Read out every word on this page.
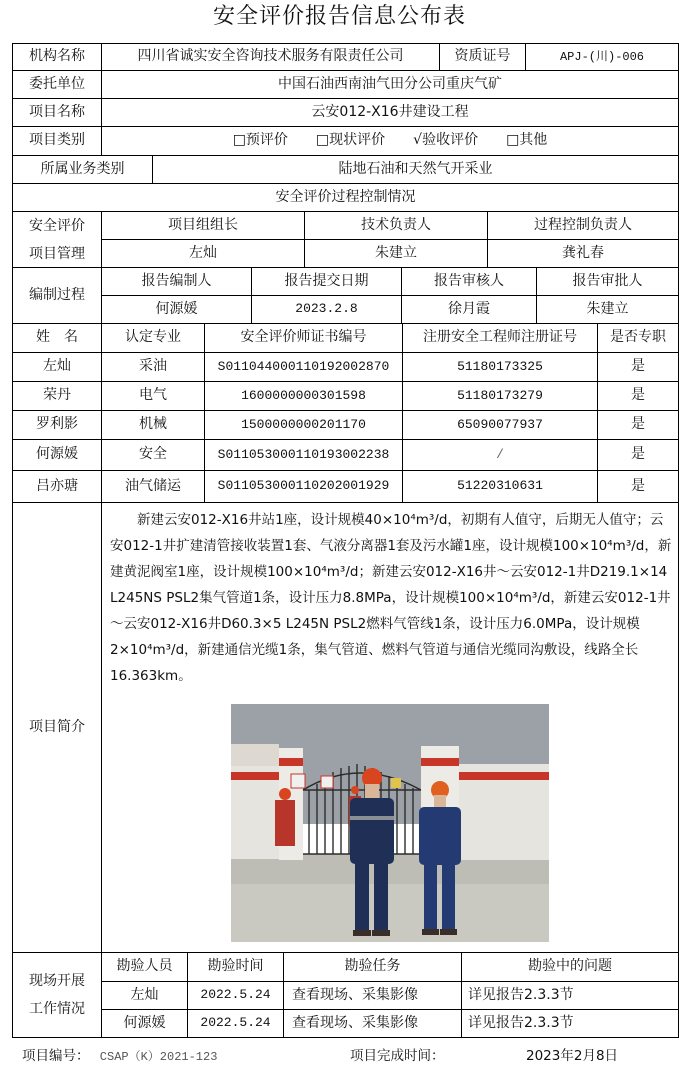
安全评价报告信息公布表
机构名称	四川省诚实安全咨询技术服务有限责任公司	资质证号	APJ-(川)-006
委托单位	中国石油西南油气田分公司重庆气矿
项目名称	云安012-X16井建设工程
项目类别	□预评价 □现状评价 √验收评价 □其他
所属业务类别	陆地石油和天然气开采业
安全评价过程控制情况
安全评价
项目管理
项目组组长	技术负责人	过程控制负责人
左灿	朱建立	龚礼春
编制过程
报告编制人	报告提交日期	报告审核人	报告审批人
何源媛	2023.2.8	徐月霞	朱建立
姓　名	认定专业	安全评价师证书编号	注册安全工程师注册证号	是否专职
左灿	采油	S011044000110192002870	51180173325	是
荣丹	电气	1600000000301598	51180173279	是
罗利影	机械	1500000000201170	65090077937	是
何源媛	安全	S011053000110193002238	/	是
吕亦瑭	油气储运	S011053000110202001929	51220310631	是
项目简介

新建云安012-X16井站1座，设计规模40×10⁴m³/d，初期有人值守，后期无人值守；云安012-1井扩建清管接收装置1套、气液分离器1套及污水罐1座，设计规模100×10⁴m³/d，新建黄泥阀室1座，设计规模100×10⁴m³/d；新建云安012-X16井～云安012-1井D219.1×14 L245NS PSL2集气管道1条，设计压力8.8MPa，设计规模100×10⁴m³/d，新建云安012-1井～云安012-X16井D60.3×5 L245N PSL2燃料气管线1条，设计压力6.0MPa，设计规模2×10⁴m³/d，新建通信光缆1条，集气管道、燃料气管道与通信光缆同沟敷设，线路全长16.363km。

现场开展
工作情况
勘验人员	勘验时间	勘验任务	勘验中的问题
左灿	2022.5.24	查看现场、采集影像	详见报告2.3.3节
何源媛	2022.5.24	查看现场、采集影像	详见报告2.3.3节
项目编号： CSAP（K）2021-123	项目完成时间：	2023年2月8日
